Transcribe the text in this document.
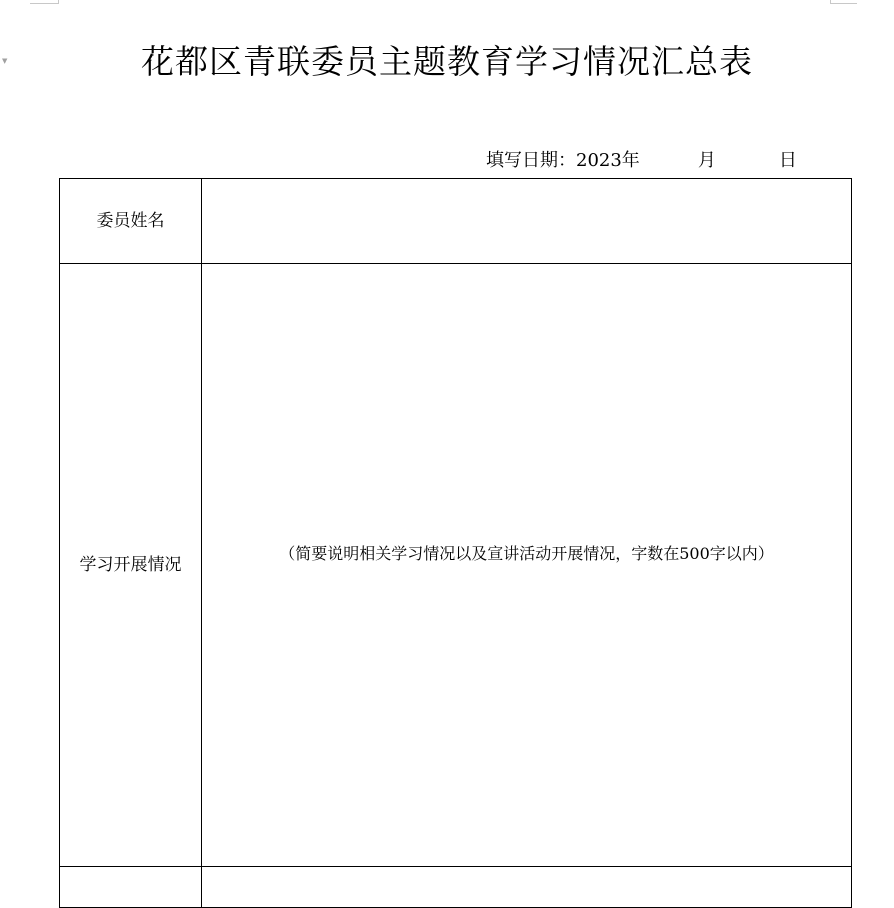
▼	花都区青联委员主题教育学习情况汇总表
填写日期：2023年	月	日
委员姓名	

学习开展情况	（简要说明相关学习情况以及宣讲活动开展情况，字数在500字以内）
